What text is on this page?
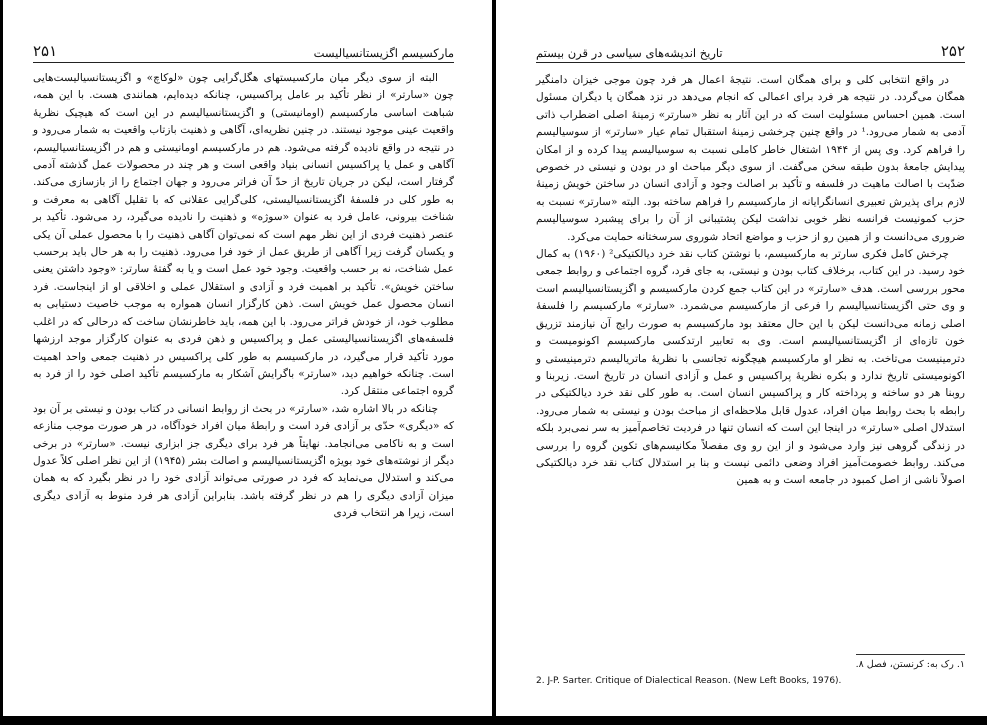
مارکسیسم اگزیستانسیالیست
۲۵۱

البته از سوی دیگر میان مارکسیستهای هگل‌گرایی چون «لوکاچ» و اگزیستانسیالیست‌هایی چون «سارتر» از نظر تأکید بر عامل پراکسیس، چنانکه دیده‌ایم، همانندی هست. با این همه، شباهت اساسی مارکسیسم (اومانیستی) و اگزیستانسیالیسم در این است که هیچیک نظریهٔ واقعیت عینی موجود نیستند. در چنین نظریه‌ای، آگاهی و ذهنیت بازتاب واقعیت به شمار می‌رود و در نتیجه در واقع نادیده گرفته می‌شود. هم در مارکسیسم اومانیستی و هم در اگزیستانسیالیسم، آگاهی و عمل یا پراکسیس انسانی بنیاد واقعی است و هر چند در محصولات عمل گذشته آدمی گرفتار است، لیکن در جریان تاریخ از حدّ آن فراتر می‌رود و جهان اجتماع را از بازسازی می‌کند. به طور کلی در فلسفهٔ اگزیستانسیالیستی، کلی‌گرایی عقلانی که با تقلیل آگاهی به معرفت و شناخت بیرونی، عامل فرد به عنوان «سوژه» و ذهنیت را نادیده می‌گیرد، رد می‌شود. تأکید بر عنصر ذهنیت فردی از این نظر مهم است که نمی‌توان آگاهی ذهنیت را با محصول عملی آن یکی و یکسان گرفت زیرا آگاهی از طریق عمل از خود فرا می‌رود. ذهنیت را به هر حال باید برحسب عمل شناخت، نه بر حسب واقعیت. وجود خود عمل است و یا به گفتهٔ سارتر: «وجود داشتن یعنی ساختن خویش». تأکید بر اهمیت فرد و آزادی و استقلال عملی و اخلاقی او از اینجاست. فرد انسان محصول عمل خویش است. ذهن کارگزار انسان همواره به موجب خاصیت دستیابی به مطلوب خود، از خودش فراتر می‌رود. با این همه، باید خاطرنشان ساخت که درحالی که در اغلب فلسفه‌های اگزیستانسیالیستی عمل و پراکسیس و ذهن فردی به عنوان کارگزار موجد ارزشها مورد تأکید قرار می‌گیرد، در مارکسیسم به طور کلی پراکسیس در ذهنیت جمعی واحد اهمیت است. چنانکه خواهیم دید، «سارتر» باگرایش آشکار به مارکسیسم تأکید اصلی خود را از فرد به گروه اجتماعی منتقل کرد.

چنانکه در بالا اشاره شد، «سارتر» در بحث از روابط انسانی در کتاب بودن و نیستی بر آن بود که «دیگری» حدّی بر آزادی فرد است و رابطهٔ میان افراد خودآگاه، در هر صورت موجب منازعه است و به ناکامی می‌انجامد. نهایتاً هر فرد برای دیگری جز ابزاری نیست. «سارتر» در برخی دیگر از نوشته‌های خود بویژه اگزیستانسیالیسم و اصالت بشر (۱۹۴۵) از این نظر اصلی کلاً عدول می‌کند و استدلال می‌نماید که فرد در صورتی می‌تواند آزادی خود را در نظر بگیرد که به همان میزان آزادی دیگری را هم در نظر گرفته باشد. بنابراین آزادی هر فرد منوط به آزادی دیگری است، زیرا هر انتخاب فردی

۲۵۲
تاریخ اندیشه‌های سیاسی در قرن بیستم

در واقع انتخابی کلی و برای همگان است. نتیجهٔ اعمال هر فرد چون موجی خیزان دامنگیر همگان می‌گردد. در نتیجه هر فرد برای اعمالی که انجام می‌دهد در نزد همگان یا دیگران مسئول است. همین احساس مسئولیت است که در این آثار به نظر «سارتر» زمینهٔ اصلی اضطراب ذاتی آدمی به شمار می‌رود.¹ در واقع چنین چرخشی زمینهٔ استقبال تمام عیار «سارتر» از سوسیالیسم را فراهم کرد. وی پس از ۱۹۴۴ اشتغال خاطر کاملی نسبت به سوسیالیسم پیدا کرده و از امکان پیدایش جامعهٔ بدون طبقه سخن می‌گفت. از سوی دیگر مباحث او در بودن و نیستی در خصوص ضدّیت با اصالت ماهیت در فلسفه و تأکید بر اصالت وجود و آزادی انسان در ساختن خویش زمینهٔ لازم برای پذیرش تعبیری انسانگرایانه از مارکسیسم را فراهم ساخته بود. البته «سارتر» نسبت به حزب کمونیست فرانسه نظر خوبی نداشت لیکن پشتیبانی از آن را برای پیشبرد سوسیالیسم ضروری می‌دانست و از همین رو از حزب و مواضع اتحاد شوروی سرسختانه حمایت می‌کرد.

چرخش کامل فکری سارتر به مارکسیسم، با نوشتن کتاب نقد خرد دیالکتیکی² (۱۹۶۰) به کمال خود رسید. در این کتاب، برخلاف کتاب بودن و نیستی، به جای فرد، گروه اجتماعی و روابط جمعی محور بررسی است. هدف «سارتر» در این کتاب جمع کردن مارکسیسم و اگزیستانسیالیسم است و وی حتی اگزیستانسیالیسم را فرعی از مارکسیسم می‌شمرد. «سارتر» مارکسیسم را فلسفهٔ اصلی زمانه می‌دانست لیکن با این حال معتقد بود مارکسیسم به صورت رایج آن نیازمند تزریق خون تازه‌ای از اگزیستانسیالیسم است. وی به تعابیر ارتدکسی مارکسیسم اکونومیست و دترمینیست می‌تاخت. به نظر او مارکسیسم هیچگونه تجانسی با نظریهٔ ماتریالیسم دترمینیستی و اکونومیستی تاریخ ندارد و بکره نظریهٔ پراکسیس و عمل و آزادی انسان در تاریخ است. زیربنا و روبنا هر دو ساخته و پرداخته کار و پراکسیس انسان است. به طور کلی نقد خرد دیالکتیکی در رابطه با بحث روابط میان افراد، عدول قابل ملاحظه‌ای از مباحث بودن و نیستی به شمار می‌رود. استدلال اصلی «سارتر» در اینجا این است که انسان تنها در فردیت تخاصم‌آمیز به سر نمی‌برد بلکه در زندگی گروهی نیز وارد می‌شود و از این رو وی مفصلاً مکانیسم‌های تکوین گروه را بررسی می‌کند. روابط خصومت‌آمیز افراد وضعی دائمی نیست و بنا بر استدلال کتاب نقد خرد دیالکتیکی اصولاً ناشی از اصل کمبود در جامعه است و به همین

۱. رک به: کرنستن، فصل ۸.
2. J-P. Sarter. Critique of Dialectical Reason. (New Left Books, 1976).
